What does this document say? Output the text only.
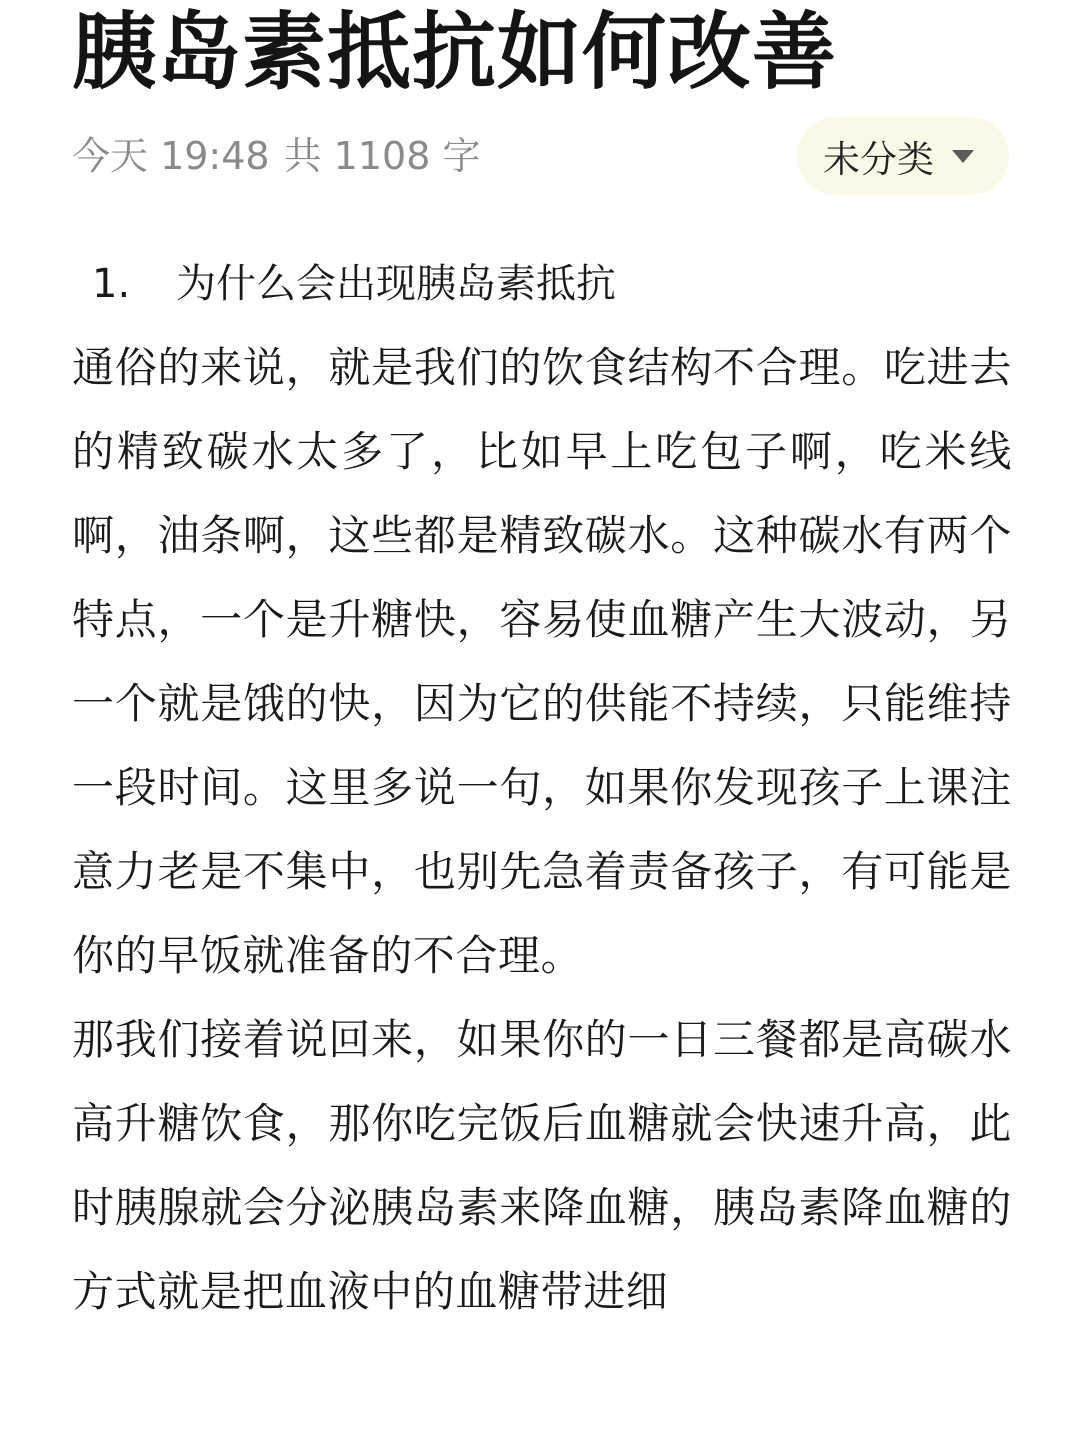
胰岛素抵抗如何改善
今天 19:48 共 1108 字	未分类
1. 为什么会出现胰岛素抵抗

通俗的来说，就是我们的饮食结构不合理。吃进去的精致碳水太多了，比如早上吃包子啊，吃米线啊，油条啊，这些都是精致碳水。这种碳水有两个特点，一个是升糖快，容易使血糖产生大波动，另一个就是饿的快，因为它的供能不持续，只能维持一段时间。这里多说一句，如果你发现孩子上课注意力老是不集中，也别先急着责备孩子，有可能是你的早饭就准备的不合理。

那我们接着说回来，如果你的一日三餐都是高碳水高升糖饮食，那你吃完饭后血糖就会快速升高，此时胰腺就会分泌胰岛素来降血糖，胰岛素降血糖的方式就是把血液中的血糖带进细
